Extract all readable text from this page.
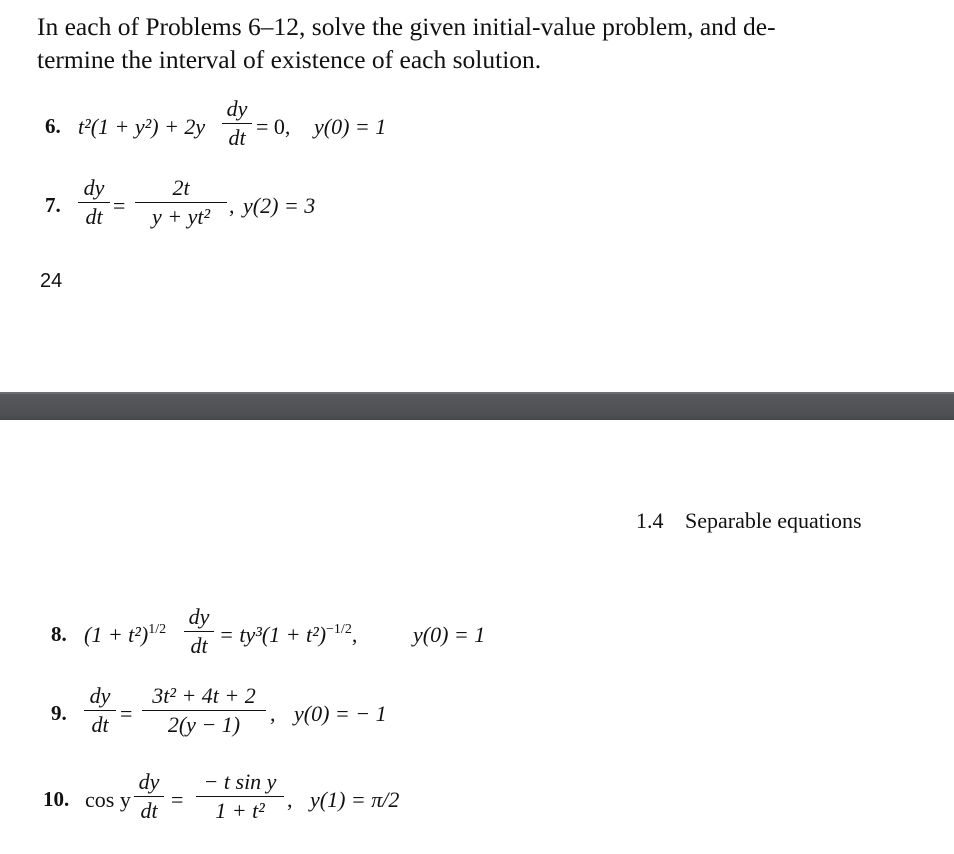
In each of Problems 6–12, solve the given initial-value problem, and de-
termine the interval of existence of each solution.
6. t²(1 + y²) + 2y
dy
dt = 0, y(0) = 1
7.
dy
dt =
2t
y + yt² , y(2) = 3
24
1.4 Separable equations
8. $(1 + t^2)^{1/2}$
dy
dt = $ty^3(1 + t^2)^{-1/2}$,	y(0) = 1
9.
dy
dt =
3t² + 4t + 2
2(y − 1)	, y(0) = − 1
10. cos y
dy
dt =
− t sin y
1 + t²	, y(1) = π/2
